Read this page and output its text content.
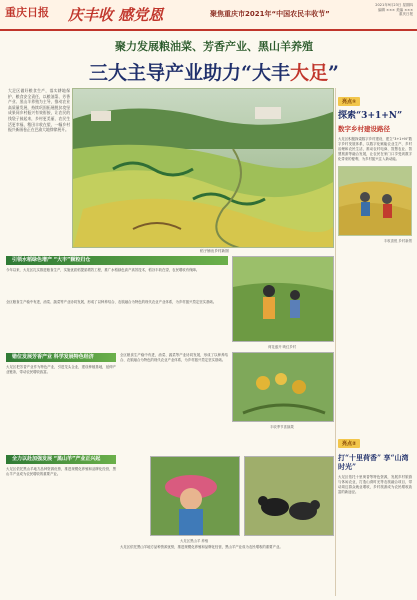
重庆日报 庆丰收 感党恩	聚焦重庆市2021年“中国农民丰收节”
2021年9月23日 星期四
编辑 ××× 美编 ×××
重庆日报
聚力发展粮油菜、芳香产业、黑山羊养殖
三大主导产业助力“大丰大足”
大足区做好粮食生产，落实耕地保护、粮食安全责任，以粮油菜、芳香产业、黑山羊养殖为主导，推动农业高质量发展，持续巩固拓展脱贫攻坚成果同乡村振兴有效衔接，让农民的钱袋子鼓起来，乡村更美丽，农民生活更幸福，稻田丰收在望，一幅乡村振兴新画卷正在巴渝大地徐徐展开。
稻子铺出乡村新图
亮点①
探索“3+1+N”
数字乡村建设路径
大足区积极探索数字乡村建设，建立“3+1+N”数字乡村发展体系，以数字化赋能农业生产、乡村治理和农民生活，推动农村电商、智慧农业、智慧旅游等融合发展，让农民在家门口享受到数字化带来的便利，为乡村振兴注入新动能。
丰收喜悦 乡村新景
引领水稻绿色增产 “大丰”颗粒归仓
今年以来，大足区扎实推进粮食生产，实施优质稻提质增效工程，推广水稻绿色高产高效技术，稻谷丰收在望，农民增收有保障。
荷花盛开 映红乡村
全区粮食生产稳中有进，油菜、蔬菜等产业协同发展，形成了以种养结合、农旅融合为特色的现代农业产业体系，为乡村振兴奠定坚实基础。
错位发展芳香产业 科学发展特色经济
大足区把芳香产业作为特色产业，引进龙头企业，建设种植基地，延伸产业链条，带动农民增收致富。
全区粮食生产稳中有进，油菜、蔬菜等产业协同发展，形成了以种养结合、农旅融合为特色的现代农业产业体系，为乡村振兴奠定坚实基础。
丰收季节喜摘果
亮点②
打“十里荷香” 享“山湾时光”
大足区依托十里荷香等特色资源，发展乡村旅游与休闲农业，打造山湾时光等农旅融合项目，带动周边群众就业增收，乡村旅游成为农民增收致富的新途径。
全力以赴加强发展 “黑山羊”产业正兴起
大足区依托黑山羊地方品种资源优势，推进规模化养殖和品牌化经营，黑山羊产业成为农民增收的重要产业。
大足区黑山羊 养殖
大足区依托黑山羊地方品种资源优势，推进规模化养殖和品牌化经营，黑山羊产业成为农民增收的重要产业。
